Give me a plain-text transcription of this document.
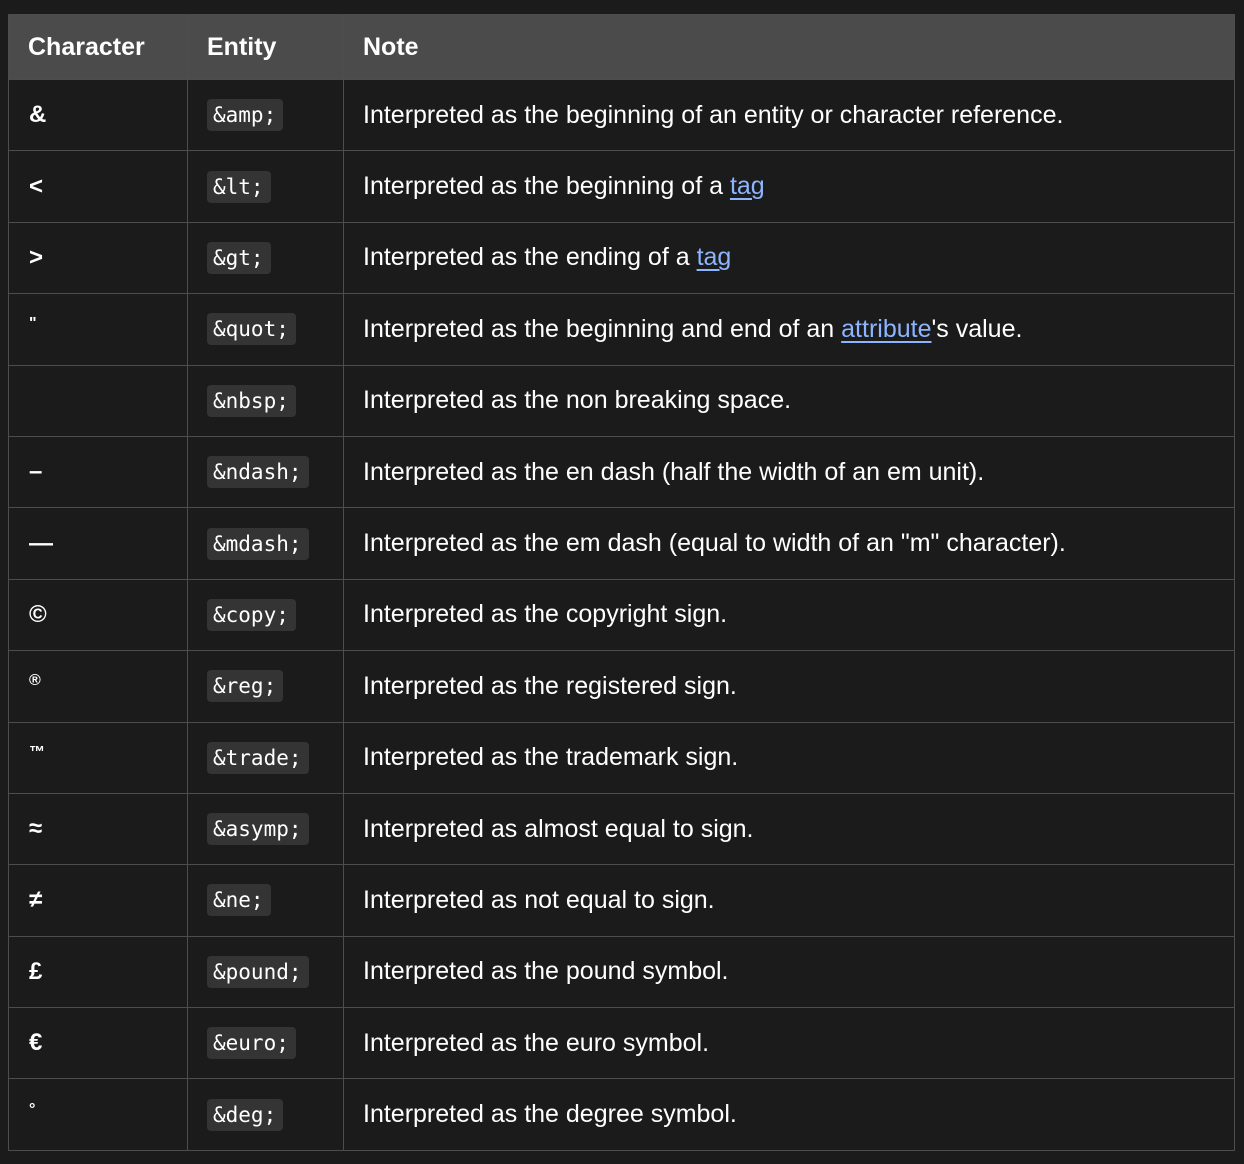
Character	Entity	Note
&	&amp;	Interpreted as the beginning of an entity or character reference.
<	&lt;	Interpreted as the beginning of a tag
>	&gt;	Interpreted as the ending of a tag
"	&quot;	Interpreted as the beginning and end of an attribute's value.
	&nbsp;	Interpreted as the non breaking space.
–	&ndash;	Interpreted as the en dash (half the width of an em unit).
—	&mdash;	Interpreted as the em dash (equal to width of an "m" character).
©	&copy;	Interpreted as the copyright sign.
®	&reg;	Interpreted as the registered sign.
™	&trade;	Interpreted as the trademark sign.
≈	&asymp;	Interpreted as almost equal to sign.
≠	&ne;	Interpreted as not equal to sign.
£	&pound;	Interpreted as the pound symbol.
€	&euro;	Interpreted as the euro symbol.
°	&deg;	Interpreted as the degree symbol.
